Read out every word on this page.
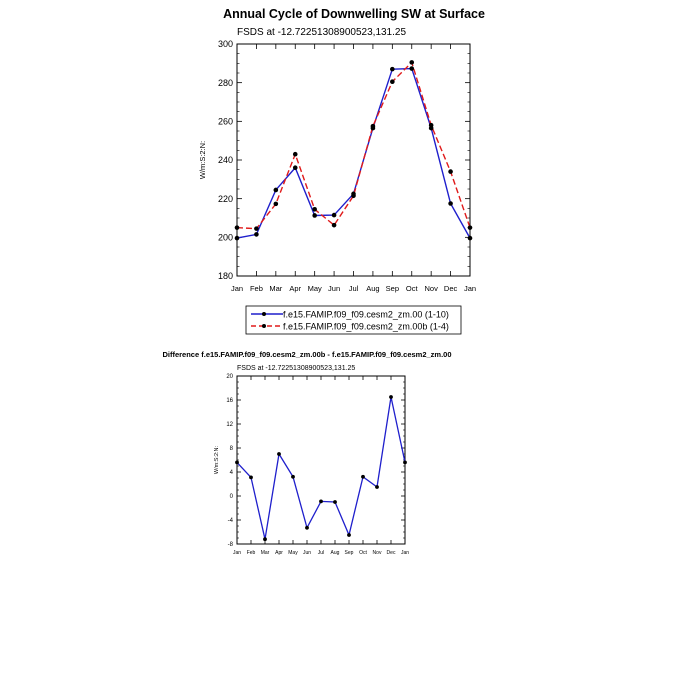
Annual Cycle of Downwelling SW at Surface
FSDS at -12.72251308900523,131.25
W/m:S:2:N:
180
200
220
240
260
280
300
Jan Feb Mar Apr May Jun Jul Aug Sep Oct Nov Dec Jan
f.e15.FAMIP.f09_f09.cesm2_zm.00 (1-10)
f.e15.FAMIP.f09_f09.cesm2_zm.00b (1-4)
Difference f.e15.FAMIP.f09_f09.cesm2_zm.00b - f.e15.FAMIP.f09_f09.cesm2_zm.00
FSDS at -12.72251308900523,131.25
W/m:S:2:N:
-8
-4
0
4
8
12
16
20
Jan Feb Mar Apr May Jun Jul Aug Sep Oct Nov Dec Jan
